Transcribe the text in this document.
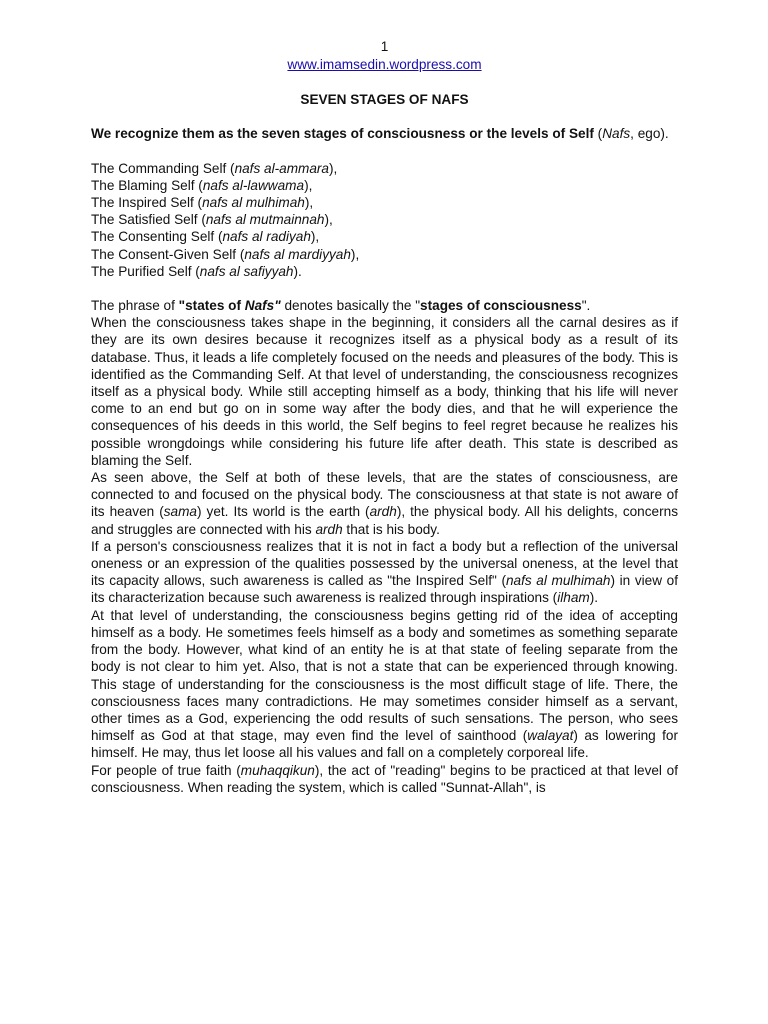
1
www.imamsedin.wordpress.com
SEVEN STAGES OF NAFS
We recognize them as the seven stages of consciousness or the levels of Self (Nafs, ego).
The Commanding Self (nafs al-ammara),
The Blaming Self (nafs al-lawwama),
The Inspired Self (nafs al mulhimah),
The Satisfied Self (nafs al mutmainnah),
The Consenting Self (nafs al radiyah),
The Consent-Given Self (nafs al mardiyyah),
The Purified Self (nafs al safiyyah).

The phrase of "states of Nafs" denotes basically the "stages of consciousness".

When the consciousness takes shape in the beginning, it considers all the carnal desires as if they are its own desires because it recognizes itself as a physical body as a result of its database. Thus, it leads a life completely focused on the needs and pleasures of the body. This is identified as the Commanding Self. At that level of understanding, the consciousness recognizes itself as a physical body. While still accepting himself as a body, thinking that his life will never come to an end but go on in some way after the body dies, and that he will experience the consequences of his deeds in this world, the Self begins to feel regret because he realizes his possible wrongdoings while considering his future life after death. This state is described as blaming the Self.

As seen above, the Self at both of these levels, that are the states of consciousness, are connected to and focused on the physical body. The consciousness at that state is not aware of its heaven (sama) yet. Its world is the earth (ardh), the physical body. All his delights, concerns and struggles are connected with his ardh that is his body.

If a person's consciousness realizes that it is not in fact a body but a reflection of the universal oneness or an expression of the qualities possessed by the universal oneness, at the level that its capacity allows, such awareness is called as "the Inspired Self" (nafs al mulhimah) in view of its characterization because such awareness is realized through inspirations (ilham).

At that level of understanding, the consciousness begins getting rid of the idea of accepting himself as a body. He sometimes feels himself as a body and sometimes as something separate from the body. However, what kind of an entity he is at that state of feeling separate from the body is not clear to him yet. Also, that is not a state that can be experienced through knowing. This stage of understanding for the consciousness is the most difficult stage of life. There, the consciousness faces many contradictions. He may sometimes consider himself as a servant, other times as a God, experiencing the odd results of such sensations. The person, who sees himself as God at that stage, may even find the level of sainthood (walayat) as lowering for himself. He may, thus let loose all his values and fall on a completely corporeal life.

For people of true faith (muhaqqikun), the act of "reading" begins to be practiced at that level of consciousness. When reading the system, which is called "Sunnat-Allah", is
